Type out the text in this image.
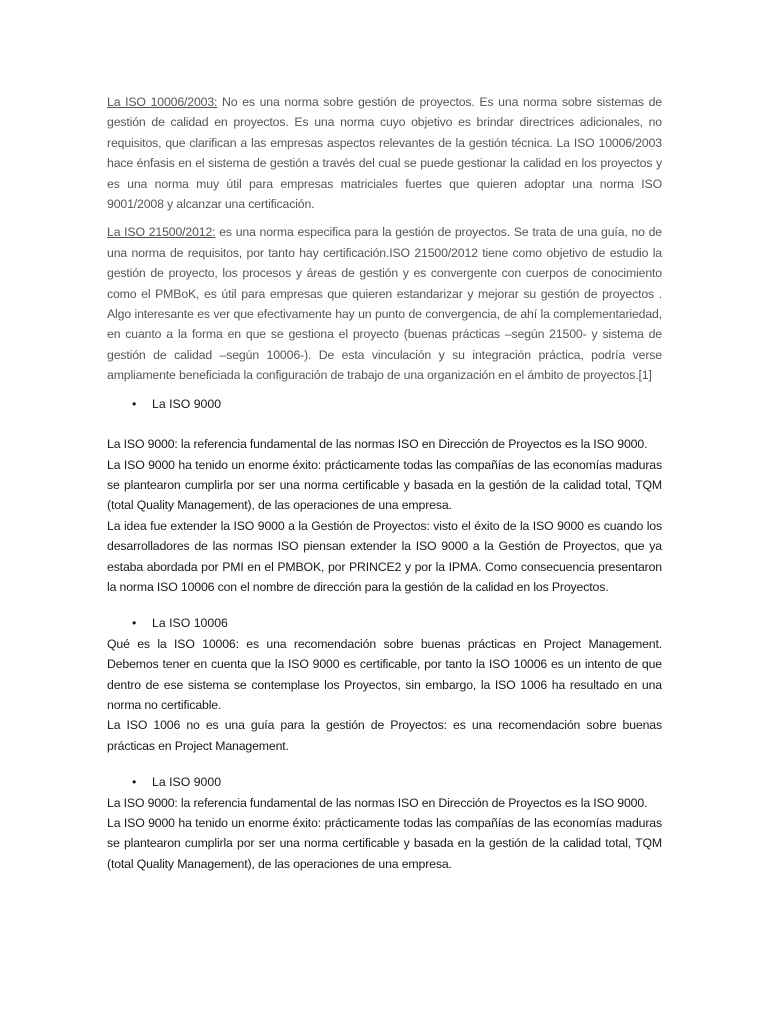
La ISO 10006/2003: No es una norma sobre gestión de proyectos. Es una norma sobre sistemas de gestión de calidad en proyectos. Es una norma cuyo objetivo es brindar directrices adicionales, no requisitos, que clarifican a las empresas aspectos relevantes de la gestión técnica. La ISO 10006/2003 hace énfasis en el sistema de gestión a través del cual se puede gestionar la calidad en los proyectos y es una norma muy útil para empresas matriciales fuertes que quieren adoptar una norma ISO 9001/2008 y alcanzar una certificación.

La ISO 21500/2012: es una norma especifica para la gestión de proyectos. Se trata de una guía, no de una norma de requisitos, por tanto hay certificación.ISO 21500/2012 tiene como objetivo de estudio la gestión de proyecto, los procesos y áreas de gestión y es convergente con cuerpos de conocimiento como el PMBoK, es útil para empresas que quieren estandarizar y mejorar su gestión de proyectos . Algo interesante es ver que efectivamente hay un punto de convergencia, de ahí la complementariedad, en cuanto a la forma en que se gestiona el proyecto (buenas prácticas –según 21500- y sistema de gestión de calidad –según 10006-). De esta vinculación y su integración práctica, podría verse ampliamente beneficiada la configuración de trabajo de una organización en el ámbito de proyectos.[1]

• La ISO 9000

La ISO 9000: la referencia fundamental de las normas ISO en Dirección de Proyectos es la ISO 9000.

La ISO 9000 ha tenido un enorme éxito: prácticamente todas las compañías de las economías maduras se plantearon cumplirla por ser una norma certificable y basada en la gestión de la calidad total, TQM (total Quality Management), de las operaciones de una empresa.

La idea fue extender la ISO 9000 a la Gestión de Proyectos: visto el éxito de la ISO 9000 es cuando los desarrolladores de las normas ISO piensan extender la ISO 9000 a la Gestión de Proyectos, que ya estaba abordada por PMI en el PMBOK, por PRINCE2 y por la IPMA. Como consecuencia presentaron la norma ISO 10006 con el nombre de dirección para la gestión de la calidad en los Proyectos.

• La ISO 10006

Qué es la ISO 10006: es una recomendación sobre buenas prácticas en Project Management. Debemos tener en cuenta que la ISO 9000 es certificable, por tanto la ISO 10006 es un intento de que dentro de ese sistema se contemplase los Proyectos, sin embargo, la ISO 1006 ha resultado en una norma no certificable.

La ISO 1006 no es una guía para la gestión de Proyectos: es una recomendación sobre buenas prácticas en Project Management.

• La ISO 9000

La ISO 9000: la referencia fundamental de las normas ISO en Dirección de Proyectos es la ISO 9000.

La ISO 9000 ha tenido un enorme éxito: prácticamente todas las compañías de las economías maduras se plantearon cumplirla por ser una norma certificable y basada en la gestión de la calidad total, TQM (total Quality Management), de las operaciones de una empresa.
